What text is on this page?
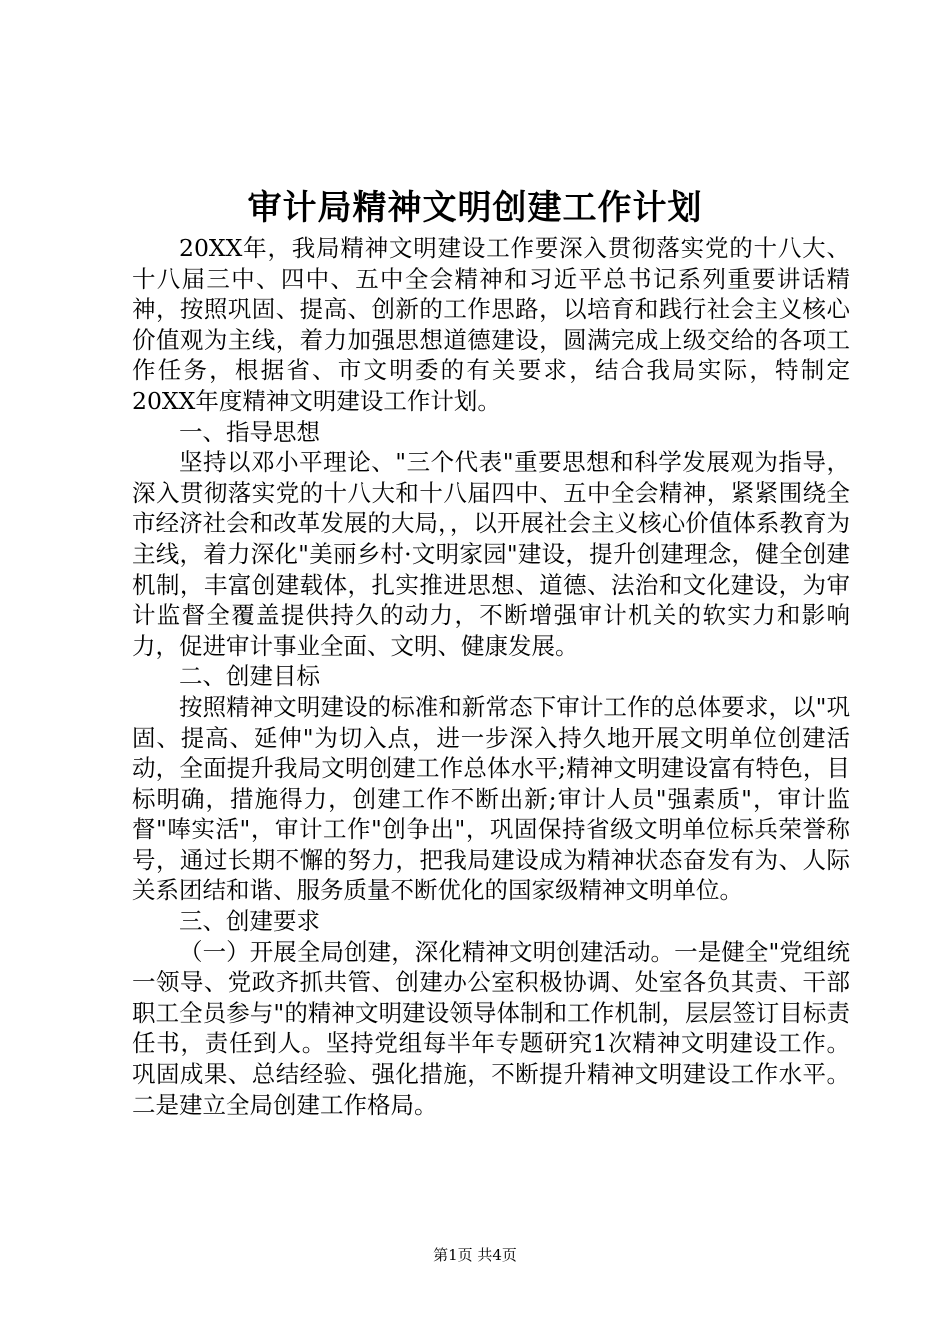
审计局精神文明创建工作计划

20XX年，我局精神文明建设工作要深入贯彻落实党的十八大、十八届三中、四中、五中全会精神和习近平总书记系列重要讲话精神，按照巩固、提高、创新的工作思路，以培育和践行社会主义核心价值观为主线，着力加强思想道德建设，圆满完成上级交给的各项工作任务，根据省、市文明委的有关要求，结合我局实际，特制定20XX年度精神文明建设工作计划。

一、指导思想

坚持以邓小平理论、"三个代表"重要思想和科学发展观为指导，深入贯彻落实党的十八大和十八届四中、五中全会精神，紧紧围绕全市经济社会和改革发展的大局，，以开展社会主义核心价值体系教育为主线，着力深化"美丽乡村·文明家园"建设，提升创建理念，健全创建机制，丰富创建载体，扎实推进思想、道德、法治和文化建设，为审计监督全覆盖提供持久的动力，不断增强审计机关的软实力和影响力，促进审计事业全面、文明、健康发展。

二、创建目标

按照精神文明建设的标准和新常态下审计工作的总体要求，以"巩固、提高、延伸"为切入点，进一步深入持久地开展文明单位创建活动，全面提升我局文明创建工作总体水平;精神文明建设富有特色，目标明确，措施得力，创建工作不断出新;审计人员"强素质"，审计监督"唪实活"，审计工作"创争出"，巩固保持省级文明单位标兵荣誉称号，通过长期不懈的努力，把我局建设成为精神状态奋发有为、人际关系团结和谐、服务质量不断优化的国家级精神文明单位。

三、创建要求

（一）开展全局创建，深化精神文明创建活动。一是健全"党组统一领导、党政齐抓共管、创建办公室积极协调、处室各负其责、干部职工全员参与"的精神文明建设领导体制和工作机制，层层签订目标责任书，责任到人。坚持党组每半年专题研究1次精神文明建设工作。巩固成果、总结经验、强化措施，不断提升精神文明建设工作水平。二是建立全局创建工作格局。

第1页 共4页
